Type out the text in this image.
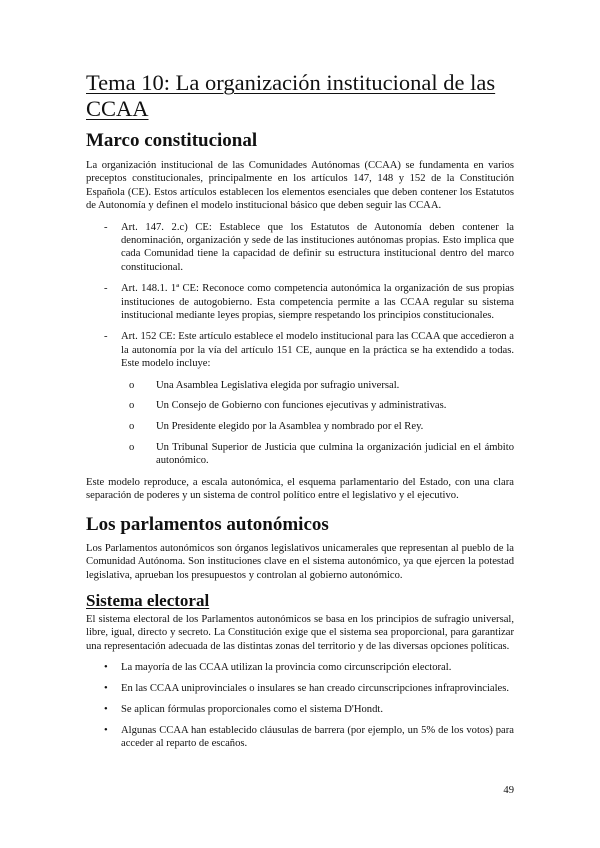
Tema 10: La organización institucional de las CCAA
Marco constitucional

La organización institucional de las Comunidades Autónomas (CCAA) se fundamenta en varios preceptos constitucionales, principalmente en los artículos 147, 148 y 152 de la Constitución Española (CE). Estos artículos establecen los elementos esenciales que deben contener los Estatutos de Autonomía y definen el modelo institucional básico que deben seguir las CCAA.

- Art. 147. 2.c) CE: Establece que los Estatutos de Autonomía deben contener la denominación, organización y sede de las instituciones autónomas propias. Esto implica que cada Comunidad tiene la capacidad de definir su estructura institucional dentro del marco constitucional.

- Art. 148.1. 1ª CE: Reconoce como competencia autonómica la organización de sus propias instituciones de autogobierno. Esta competencia permite a las CCAA regular su sistema institucional mediante leyes propias, siempre respetando los principios constitucionales.

- Art. 152 CE: Este artículo establece el modelo institucional para las CCAA que accedieron a la autonomía por la vía del artículo 151 CE, aunque en la práctica se ha extendido a todas. Este modelo incluye:

o Una Asamblea Legislativa elegida por sufragio universal.

o Un Consejo de Gobierno con funciones ejecutivas y administrativas.

o Un Presidente elegido por la Asamblea y nombrado por el Rey.

o Un Tribunal Superior de Justicia que culmina la organización judicial en el ámbito autonómico.

Este modelo reproduce, a escala autonómica, el esquema parlamentario del Estado, con una clara separación de poderes y un sistema de control político entre el legislativo y el ejecutivo.

Los parlamentos autonómicos

Los Parlamentos autonómicos son órganos legislativos unicamerales que representan al pueblo de la Comunidad Autónoma. Son instituciones clave en el sistema autonómico, ya que ejercen la potestad legislativa, aprueban los presupuestos y controlan al gobierno autonómico.

Sistema electoral

El sistema electoral de los Parlamentos autonómicos se basa en los principios de sufragio universal, libre, igual, directo y secreto. La Constitución exige que el sistema sea proporcional, para garantizar una representación adecuada de las distintas zonas del territorio y de las diversas opciones políticas.

• La mayoría de las CCAA utilizan la provincia como circunscripción electoral.

• En las CCAA uniprovinciales o insulares se han creado circunscripciones infraprovinciales.

• Se aplican fórmulas proporcionales como el sistema D'Hondt.

• Algunas CCAA han establecido cláusulas de barrera (por ejemplo, un 5% de los votos) para acceder al reparto de escaños.

49
